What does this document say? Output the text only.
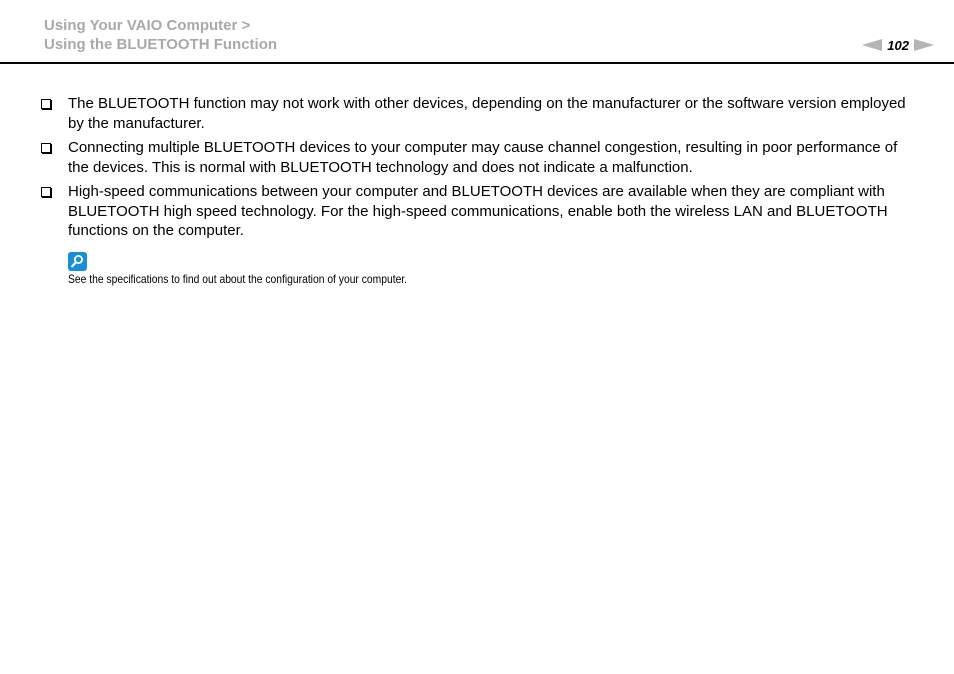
Using Your VAIO Computer >
Using the BLUETOOTH Function	102
The BLUETOOTH function may not work with other devices, depending on the manufacturer or the software version employed by the manufacturer.
Connecting multiple BLUETOOTH devices to your computer may cause channel congestion, resulting in poor performance of the devices. This is normal with BLUETOOTH technology and does not indicate a malfunction.
High-speed communications between your computer and BLUETOOTH devices are available when they are compliant with BLUETOOTH high speed technology. For the high-speed communications, enable both the wireless LAN and BLUETOOTH functions on the computer.
See the specifications to find out about the configuration of your computer.
